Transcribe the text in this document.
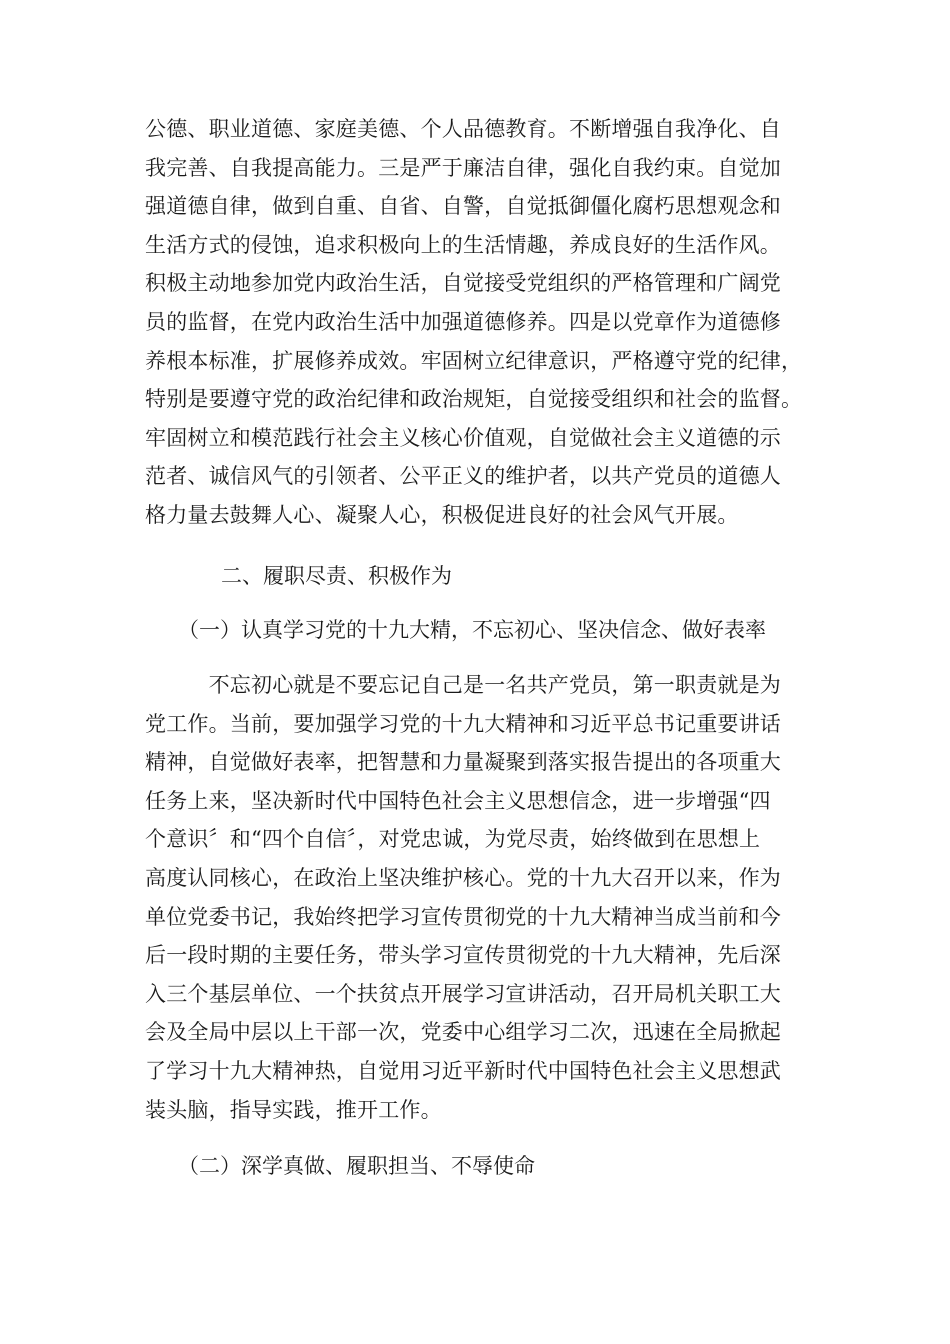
公德、职业道德、家庭美德、个人品德教育。不断增强自我净化、自
我完善、自我提高能力。三是严于廉洁自律，强化自我约束。自觉加
强道德自律，做到自重、自省、自警，自觉抵御僵化腐朽思想观念和
生活方式的侵蚀，追求积极向上的生活情趣，养成良好的生活作风。
积极主动地参加党内政治生活，自觉接受党组织的严格管理和广阔党
员的监督，在党内政治生活中加强道德修养。四是以党章作为道德修
养根本标准，扩展修养成效。牢固树立纪律意识，严格遵守党的纪律，
特别是要遵守党的政治纪律和政治规矩，自觉接受组织和社会的监督。
牢固树立和模范践行社会主义核心价值观，自觉做社会主义道德的示
范者、诚信风气的引领者、公平正义的维护者，以共产党员的道德人
格力量去鼓舞人心、凝聚人心，积极促进良好的社会风气开展。
二、履职尽责、积极作为
（一）认真学习党的十九大精，不忘初心、坚决信念、做好表率
　　　不忘初心就是不要忘记自己是一名共产党员，第一职责就是为
党工作。当前，要加强学习党的十九大精神和习近平总书记重要讲话
精神，自觉做好表率，把智慧和力量凝聚到落实报告提出的各项重大
任务上来，坚决新时代中国特色社会主义思想信念，进一步增强“四
个意识〞和“四个自信〞，对党忠诚，为党尽责，始终做到在思想上
高度认同核心，在政治上坚决维护核心。党的十九大召开以来，作为
单位党委书记，我始终把学习宣传贯彻党的十九大精神当成当前和今
后一段时期的主要任务，带头学习宣传贯彻党的十九大精神，先后深
入三个基层单位、一个扶贫点开展学习宣讲活动，召开局机关职工大
会及全局中层以上干部一次，党委中心组学习二次，迅速在全局掀起
了学习十九大精神热，自觉用习近平新时代中国特色社会主义思想武
装头脑，指导实践，推开工作。
（二）深学真做、履职担当、不辱使命
